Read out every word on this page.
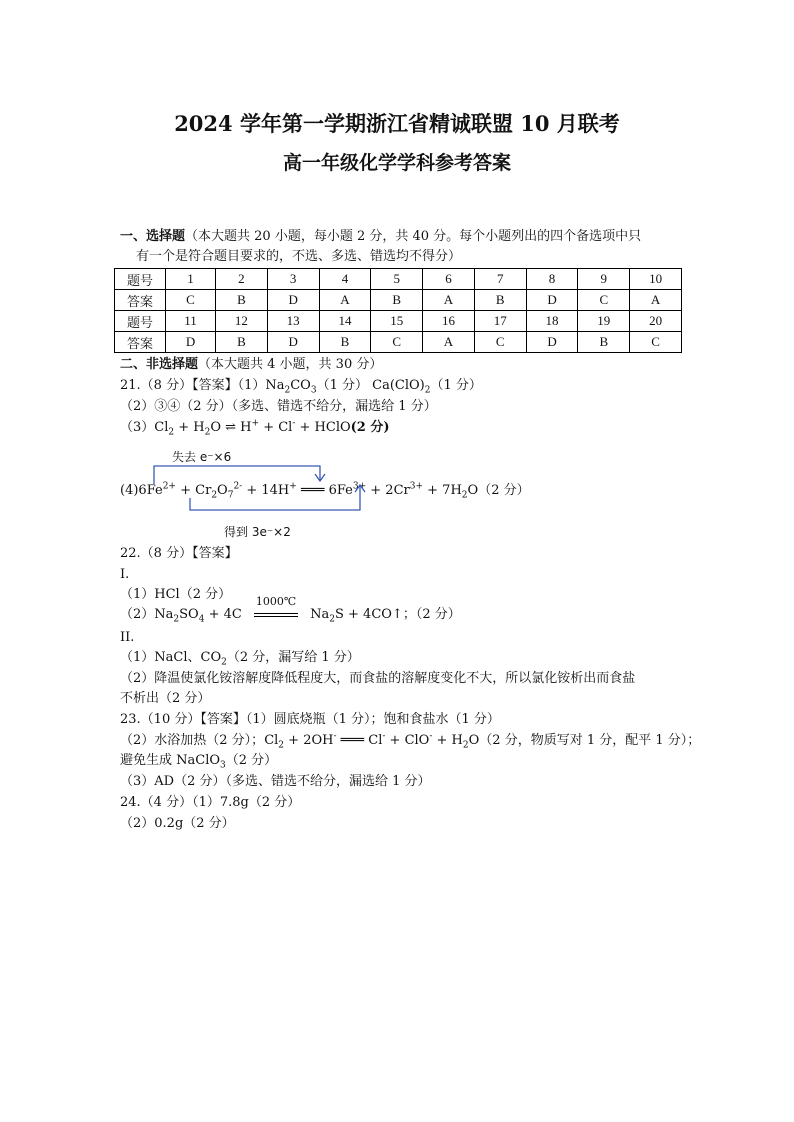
2024 学年第一学期浙江省精诚联盟 10 月联考
高一年级化学学科参考答案
一、选择题（本大题共 20 小题，每小题 2 分，共 40 分。每个小题列出的四个备选项中只
有一个是符合题目要求的，不选、多选、错选均不得分）
题号	1	2	3	4	5	6	7	8	9	10
答案	C	B	D	A	B	A	B	D	C	A
题号	11	12	13	14	15	16	17	18	19	20
答案	D	B	D	B	C	A	C	D	B	C
二、非选择题（本大题共 4 小题，共 30 分）
21.（8 分）【答案】$(1)Na_2CO_3(1$ 分） $Ca(ClO)_2(1$ 分）
（2）③④（2 分）（多选、错选不给分，漏选给 1 分）
$(3)Cl_2 + H_2O$ ⇌ H+ + Cl- + HClO(2 分)
失去 e⁻×6
$(4)6Fe^{2+} + Cr_2O_7^{2-} + 14H^+$ ═══ $6Fe^{3+} + 2Cr^{3+} + 7H_2O(2$ 分）
得到 3e⁻×2
22.（8 分）【答案】
I.
（1）HCl（2 分）
$(2)Na_2SO_4 + 4C$
1000℃
$Na_2S$ + 4CO↑；（2 分）
II.
（1）NaCl、$CO_2(2$ 分，漏写给 1 分）
（2）降温使氯化铵溶解度降低程度大，而食盐的溶解度变化不大，所以氯化铵析出而食盐
不析出（2 分）
23.（10 分）【答案】（1）圆底烧瓶（1 分）；饱和食盐水（1 分）
（2）水浴加热（2 分）；$Cl_2 + 2OH^-$ ═══ $Cl^- + ClO^- + H_2O(2$ 分，物质写对 1 分，配平 1 分）；
避免生成 NaClO$_3$（2 分）
（3）AD（2 分）（多选、错选不给分，漏选给 1 分）
24.（4 分）（1）7.8g（2 分）
（2）0.2g（2 分）
